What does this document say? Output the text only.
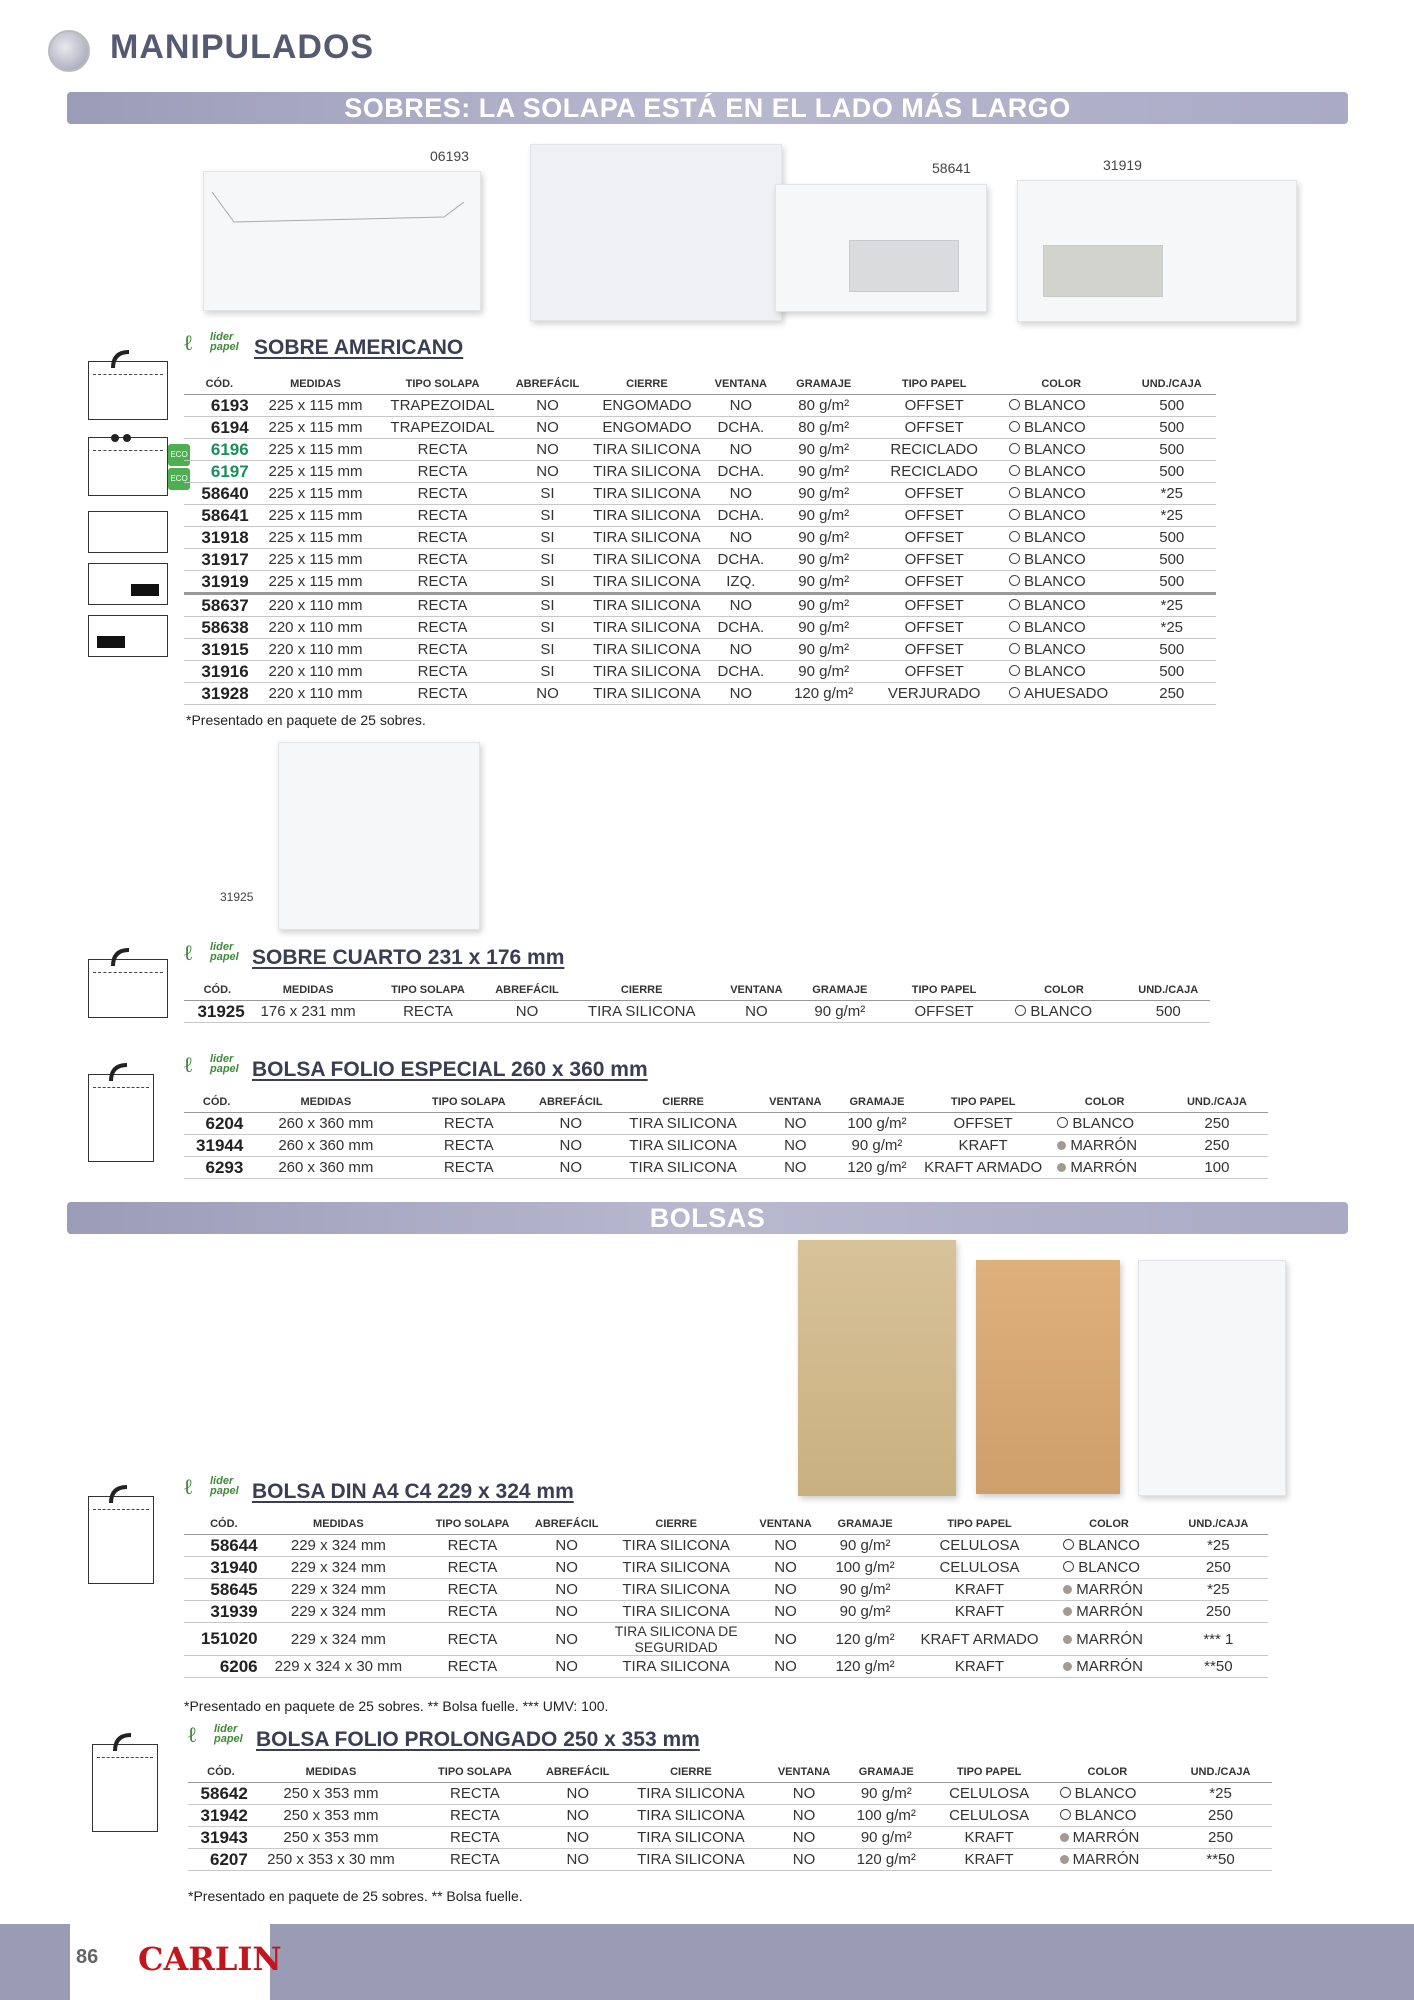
MANIPULADOS
SOBRES: LA SOLAPA ESTÁ EN EL LADO MÁS LARGO
06193
58641	31919
ECO
ECO
ℓ lider
papel SOBRE AMERICANO
CÓD.	MEDIDAS	TIPO SOLAPA	ABREFÁCIL	CIERRE	VENTANA	GRAMAJE	TIPO PAPEL	COLOR	UND./CAJA
6193	225 x 115 mm	TRAPEZOIDAL	NO	ENGOMADO	NO	80 g/m²	OFFSET	BLANCO	500
6194	225 x 115 mm	TRAPEZOIDAL	NO	ENGOMADO	DCHA.	80 g/m²	OFFSET	BLANCO	500
6196	225 x 115 mm	RECTA	NO	TIRA SILICONA	NO	90 g/m²	RECICLADO	BLANCO	500
6197	225 x 115 mm	RECTA	NO	TIRA SILICONA	DCHA.	90 g/m²	RECICLADO	BLANCO	500
58640	225 x 115 mm	RECTA	SI	TIRA SILICONA	NO	90 g/m²	OFFSET	BLANCO	*25
58641	225 x 115 mm	RECTA	SI	TIRA SILICONA	DCHA.	90 g/m²	OFFSET	BLANCO	*25
31918	225 x 115 mm	RECTA	SI	TIRA SILICONA	NO	90 g/m²	OFFSET	BLANCO	500
31917	225 x 115 mm	RECTA	SI	TIRA SILICONA	DCHA.	90 g/m²	OFFSET	BLANCO	500
31919	225 x 115 mm	RECTA	SI	TIRA SILICONA	IZQ.	90 g/m²	OFFSET	BLANCO	500
58637	220 x 110 mm	RECTA	SI	TIRA SILICONA	NO	90 g/m²	OFFSET	BLANCO	*25
58638	220 x 110 mm	RECTA	SI	TIRA SILICONA	DCHA.	90 g/m²	OFFSET	BLANCO	*25
31915	220 x 110 mm	RECTA	SI	TIRA SILICONA	NO	90 g/m²	OFFSET	BLANCO	500
31916	220 x 110 mm	RECTA	SI	TIRA SILICONA	DCHA.	90 g/m²	OFFSET	BLANCO	500
31928	220 x 110 mm	RECTA	NO	TIRA SILICONA	NO	120 g/m²	VERJURADO	AHUESADO	250
*Presentado en paquete de 25 sobres.
31925
ℓ lider
papel SOBRE CUARTO 231 x 176 mm
CÓD.	MEDIDAS	TIPO SOLAPA	ABREFÁCIL	CIERRE	VENTANA	GRAMAJE	TIPO PAPEL	COLOR	UND./CAJA
31925	176 x 231 mm	RECTA	NO	TIRA SILICONA	NO	90 g/m²	OFFSET	BLANCO	500
ℓ lider
papel BOLSA FOLIO ESPECIAL 260 x 360 mm
CÓD.	MEDIDAS	TIPO SOLAPA	ABREFÁCIL	CIERRE	VENTANA	GRAMAJE	TIPO PAPEL	COLOR	UND./CAJA
6204	260 x 360 mm	RECTA	NO	TIRA SILICONA	NO	100 g/m²	OFFSET	BLANCO	250
31944	260 x 360 mm	RECTA	NO	TIRA SILICONA	NO	90 g/m²	KRAFT	MARRÓN	250
6293	260 x 360 mm	RECTA	NO	TIRA SILICONA	NO	120 g/m²	KRAFT ARMADO	MARRÓN	100
BOLSAS
ℓ lider
papel BOLSA DIN A4 C4 229 x 324 mm
CÓD.	MEDIDAS	TIPO SOLAPA	ABREFÁCIL	CIERRE	VENTANA	GRAMAJE	TIPO PAPEL	COLOR	UND./CAJA
58644	229 x 324 mm	RECTA	NO	TIRA SILICONA	NO	90 g/m²	CELULOSA	BLANCO	*25
31940	229 x 324 mm	RECTA	NO	TIRA SILICONA	NO	100 g/m²	CELULOSA	BLANCO	250
58645	229 x 324 mm	RECTA	NO	TIRA SILICONA	NO	90 g/m²	KRAFT	MARRÓN	*25
31939	229 x 324 mm	RECTA	NO	TIRA SILICONA	NO	90 g/m²	KRAFT	MARRÓN	250
151020	229 x 324 mm	RECTA	NO	TIRA SILICONA DE SEGURIDAD	NO	120 g/m²	KRAFT ARMADO	MARRÓN	*** 1
6206	229 x 324 x 30 mm	RECTA	NO	TIRA SILICONA	NO	120 g/m²	KRAFT	MARRÓN	**50
*Presentado en paquete de 25 sobres. ** Bolsa fuelle. *** UMV: 100.
ℓ lider
papel BOLSA FOLIO PROLONGADO 250 x 353 mm
CÓD.	MEDIDAS	TIPO SOLAPA	ABREFÁCIL	CIERRE	VENTANA	GRAMAJE	TIPO PAPEL	COLOR	UND./CAJA
58642	250 x 353 mm	RECTA	NO	TIRA SILICONA	NO	90 g/m²	CELULOSA	BLANCO	*25
31942	250 x 353 mm	RECTA	NO	TIRA SILICONA	NO	100 g/m²	CELULOSA	BLANCO	250
31943	250 x 353 mm	RECTA	NO	TIRA SILICONA	NO	90 g/m²	KRAFT	MARRÓN	250
6207	250 x 353 x 30 mm	RECTA	NO	TIRA SILICONA	NO	120 g/m²	KRAFT	MARRÓN	**50
*Presentado en paquete de 25 sobres. ** Bolsa fuelle.
86 CARLIN
